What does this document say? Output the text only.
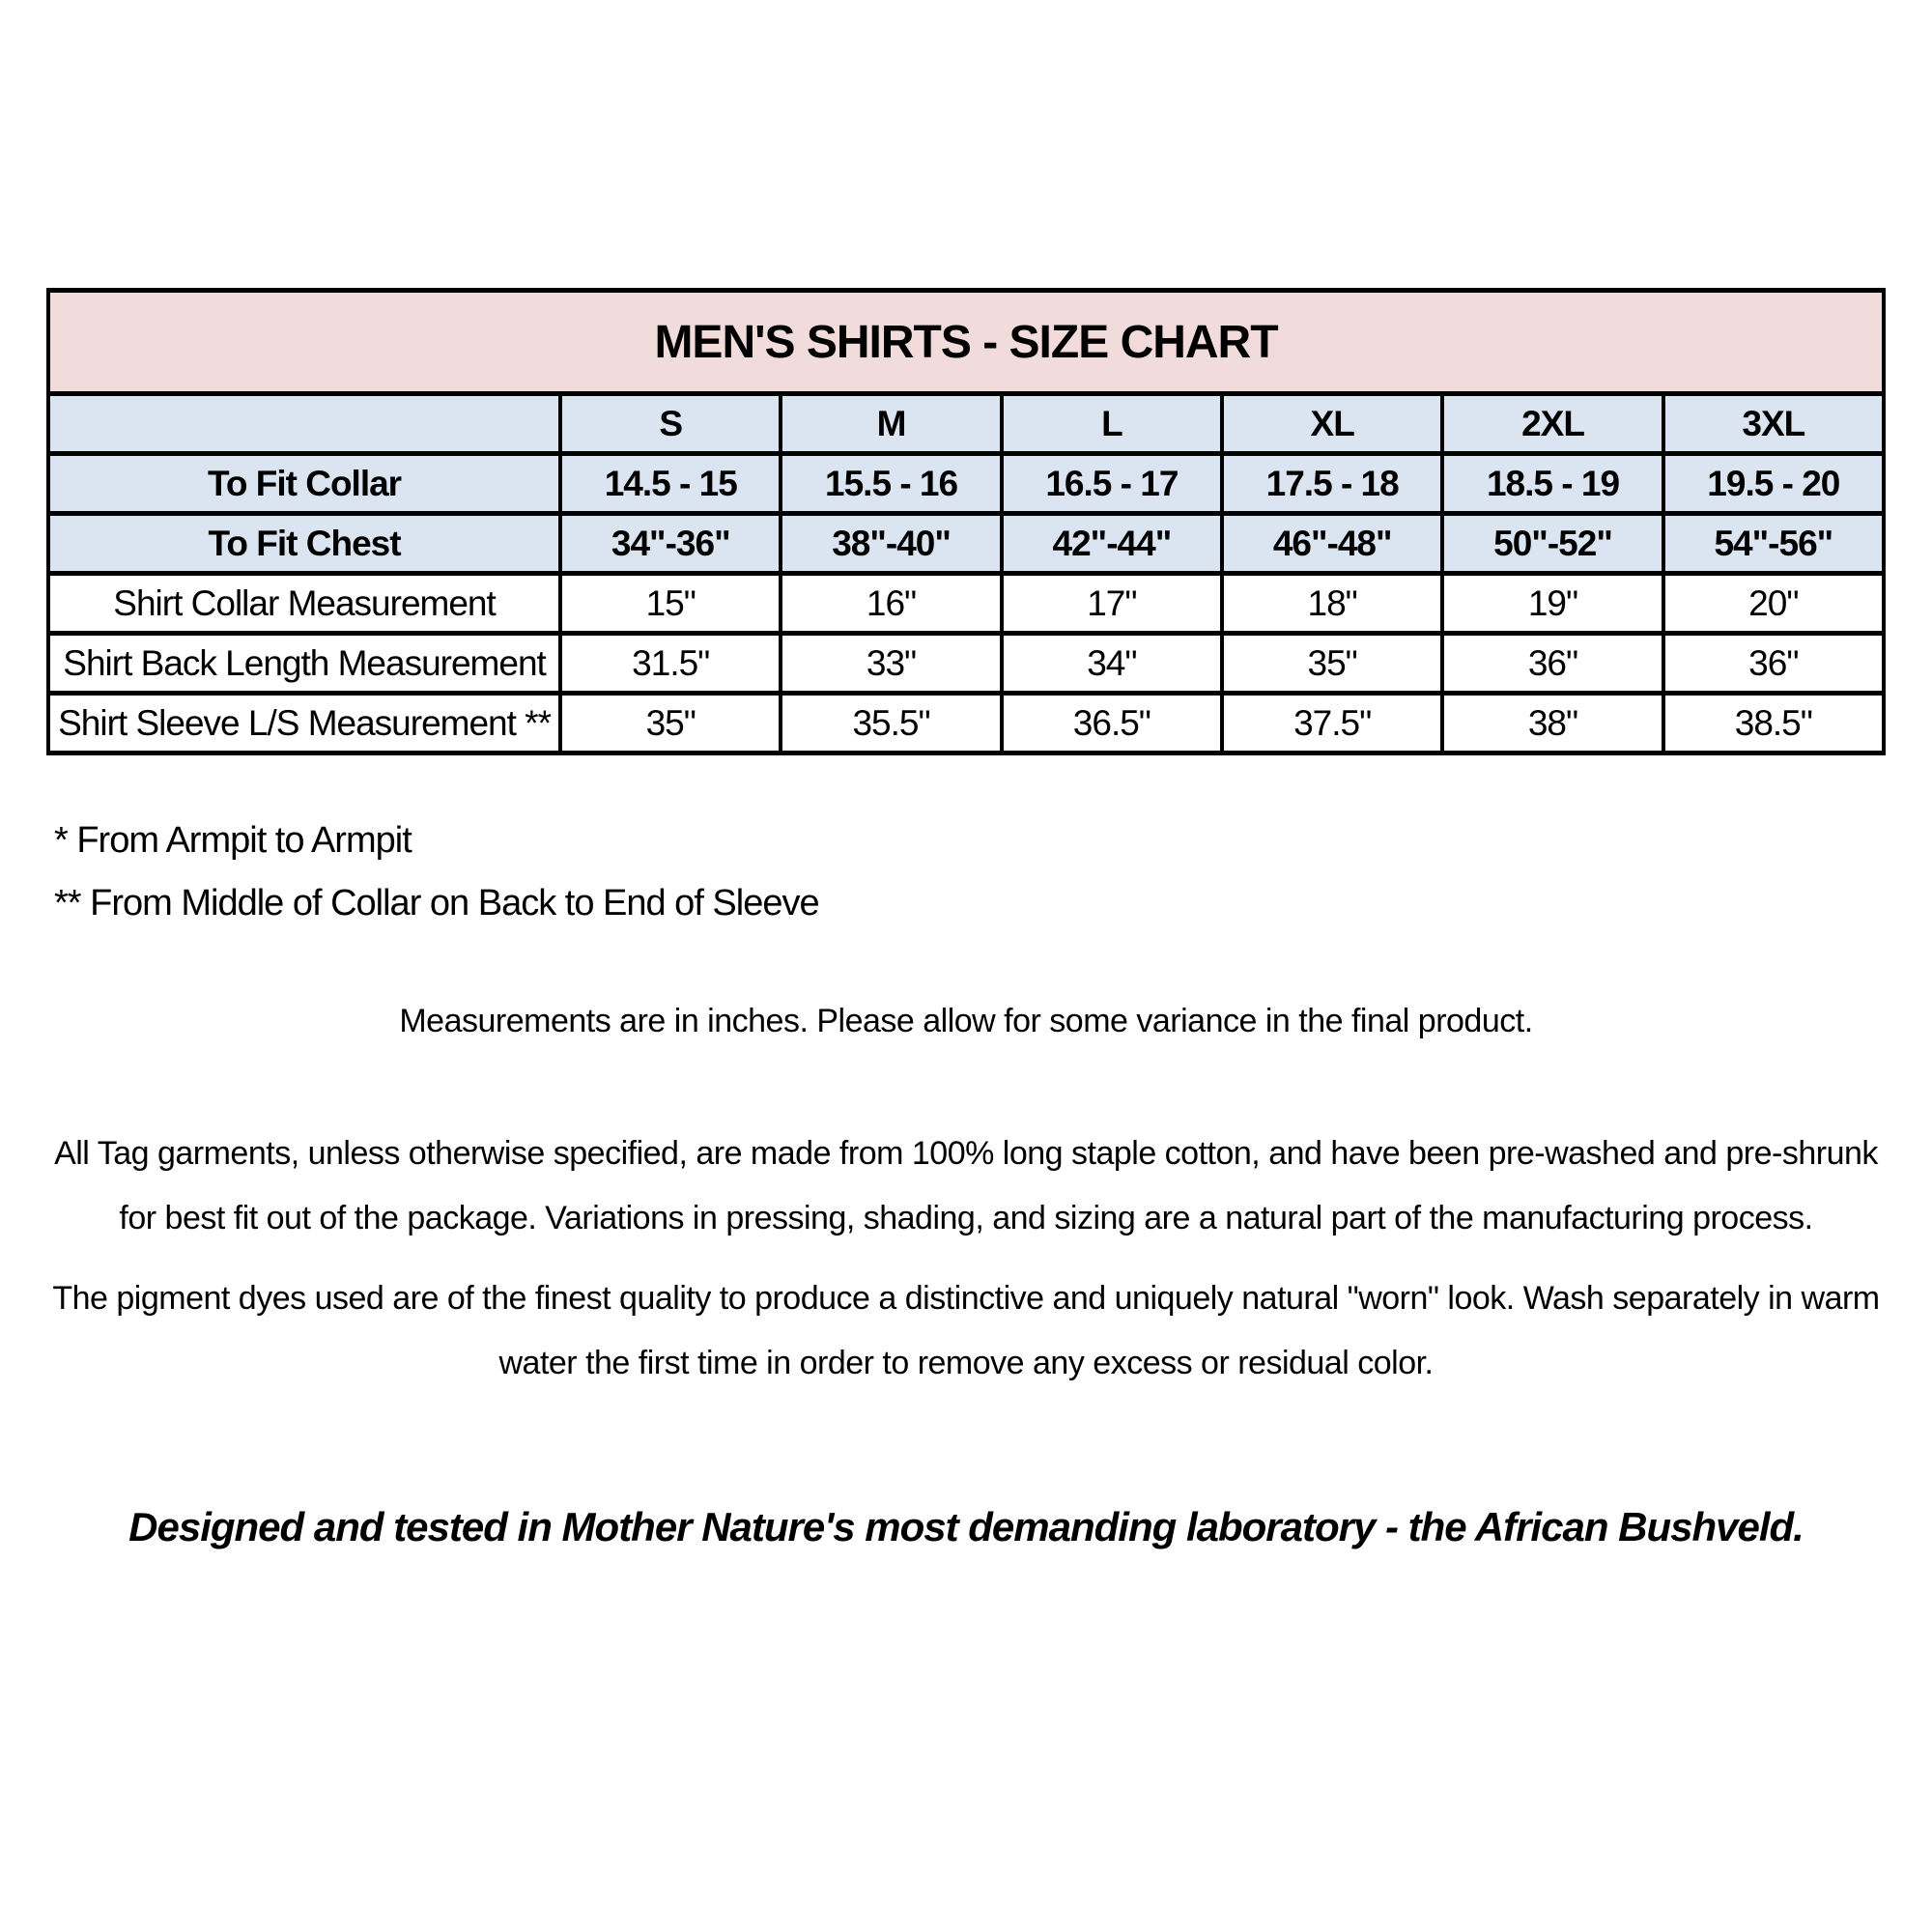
MEN'S SHIRTS - SIZE CHART						
	S	M	L	XL	2XL	3XL
To Fit Collar	14.5 - 15	15.5 - 16	16.5 - 17	17.5 - 18	18.5 - 19	19.5 - 20
To Fit Chest	34"-36"	38"-40"	42"-44"	46"-48"	50"-52"	54"-56"
Shirt Collar Measurement	15"	16"	17"	18"	19"	20"
Shirt Back Length Measurement	31.5"	33"	34"	35"	36"	36"
Shirt Sleeve L/S Measurement **	35"	35.5"	36.5"	37.5"	38"	38.5"
* From Armpit to Armpit
** From Middle of Collar on Back to End of Sleeve

Measurements are in inches. Please allow for some variance in the final product.

All Tag garments, unless otherwise specified, are made from 100% long staple cotton, and have been pre-washed and pre-shrunk for best fit out of the package. Variations in pressing, shading, and sizing are a natural part of the manufacturing process.

The pigment dyes used are of the finest quality to produce a distinctive and uniquely natural "worn" look. Wash separately in warm water the first time in order to remove any excess or residual color.

Designed and tested in Mother Nature's most demanding laboratory - the African Bushveld.
